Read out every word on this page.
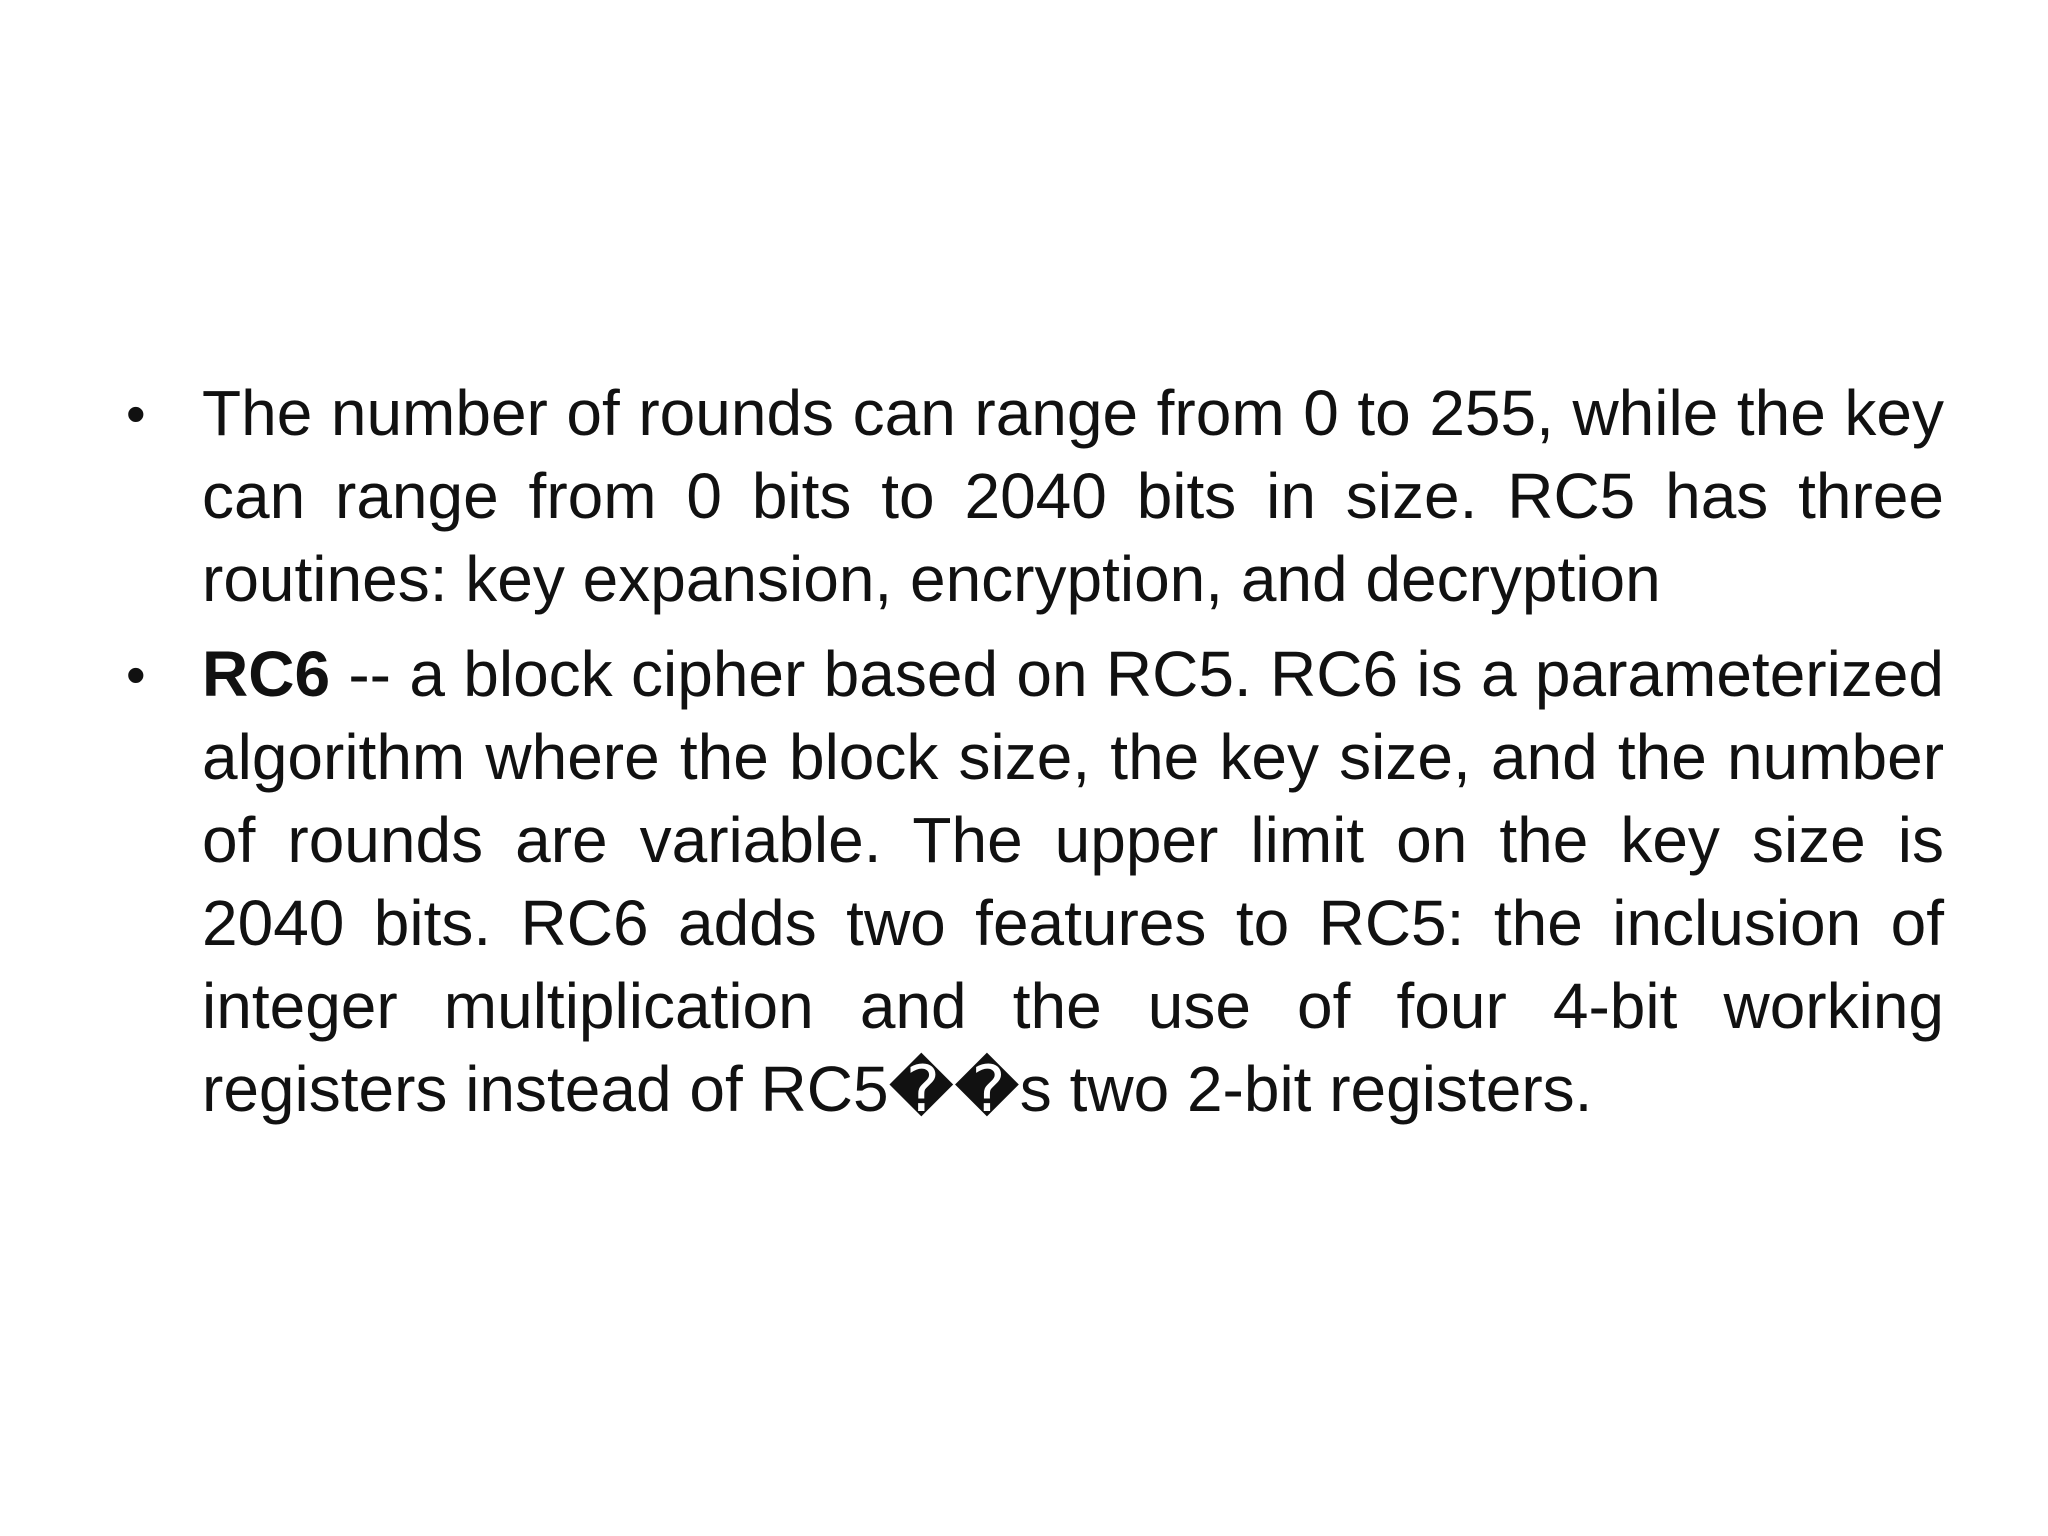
• The number of rounds can range from 0 to 255, while the key can range from 0 bits to 2040 bits in size. RC5 has three routines: key expansion, encryption, and decryption
• RC6 -- a block cipher based on RC5. RC6 is a parameterized algorithm where the block size, the key size, and the number of rounds are variable. The upper limit on the key size is 2040 bits. RC6 adds two features to RC5: the inclusion of integer multiplication and the use of four 4-bit working registers instead of RC5��s two 2-bit registers.
